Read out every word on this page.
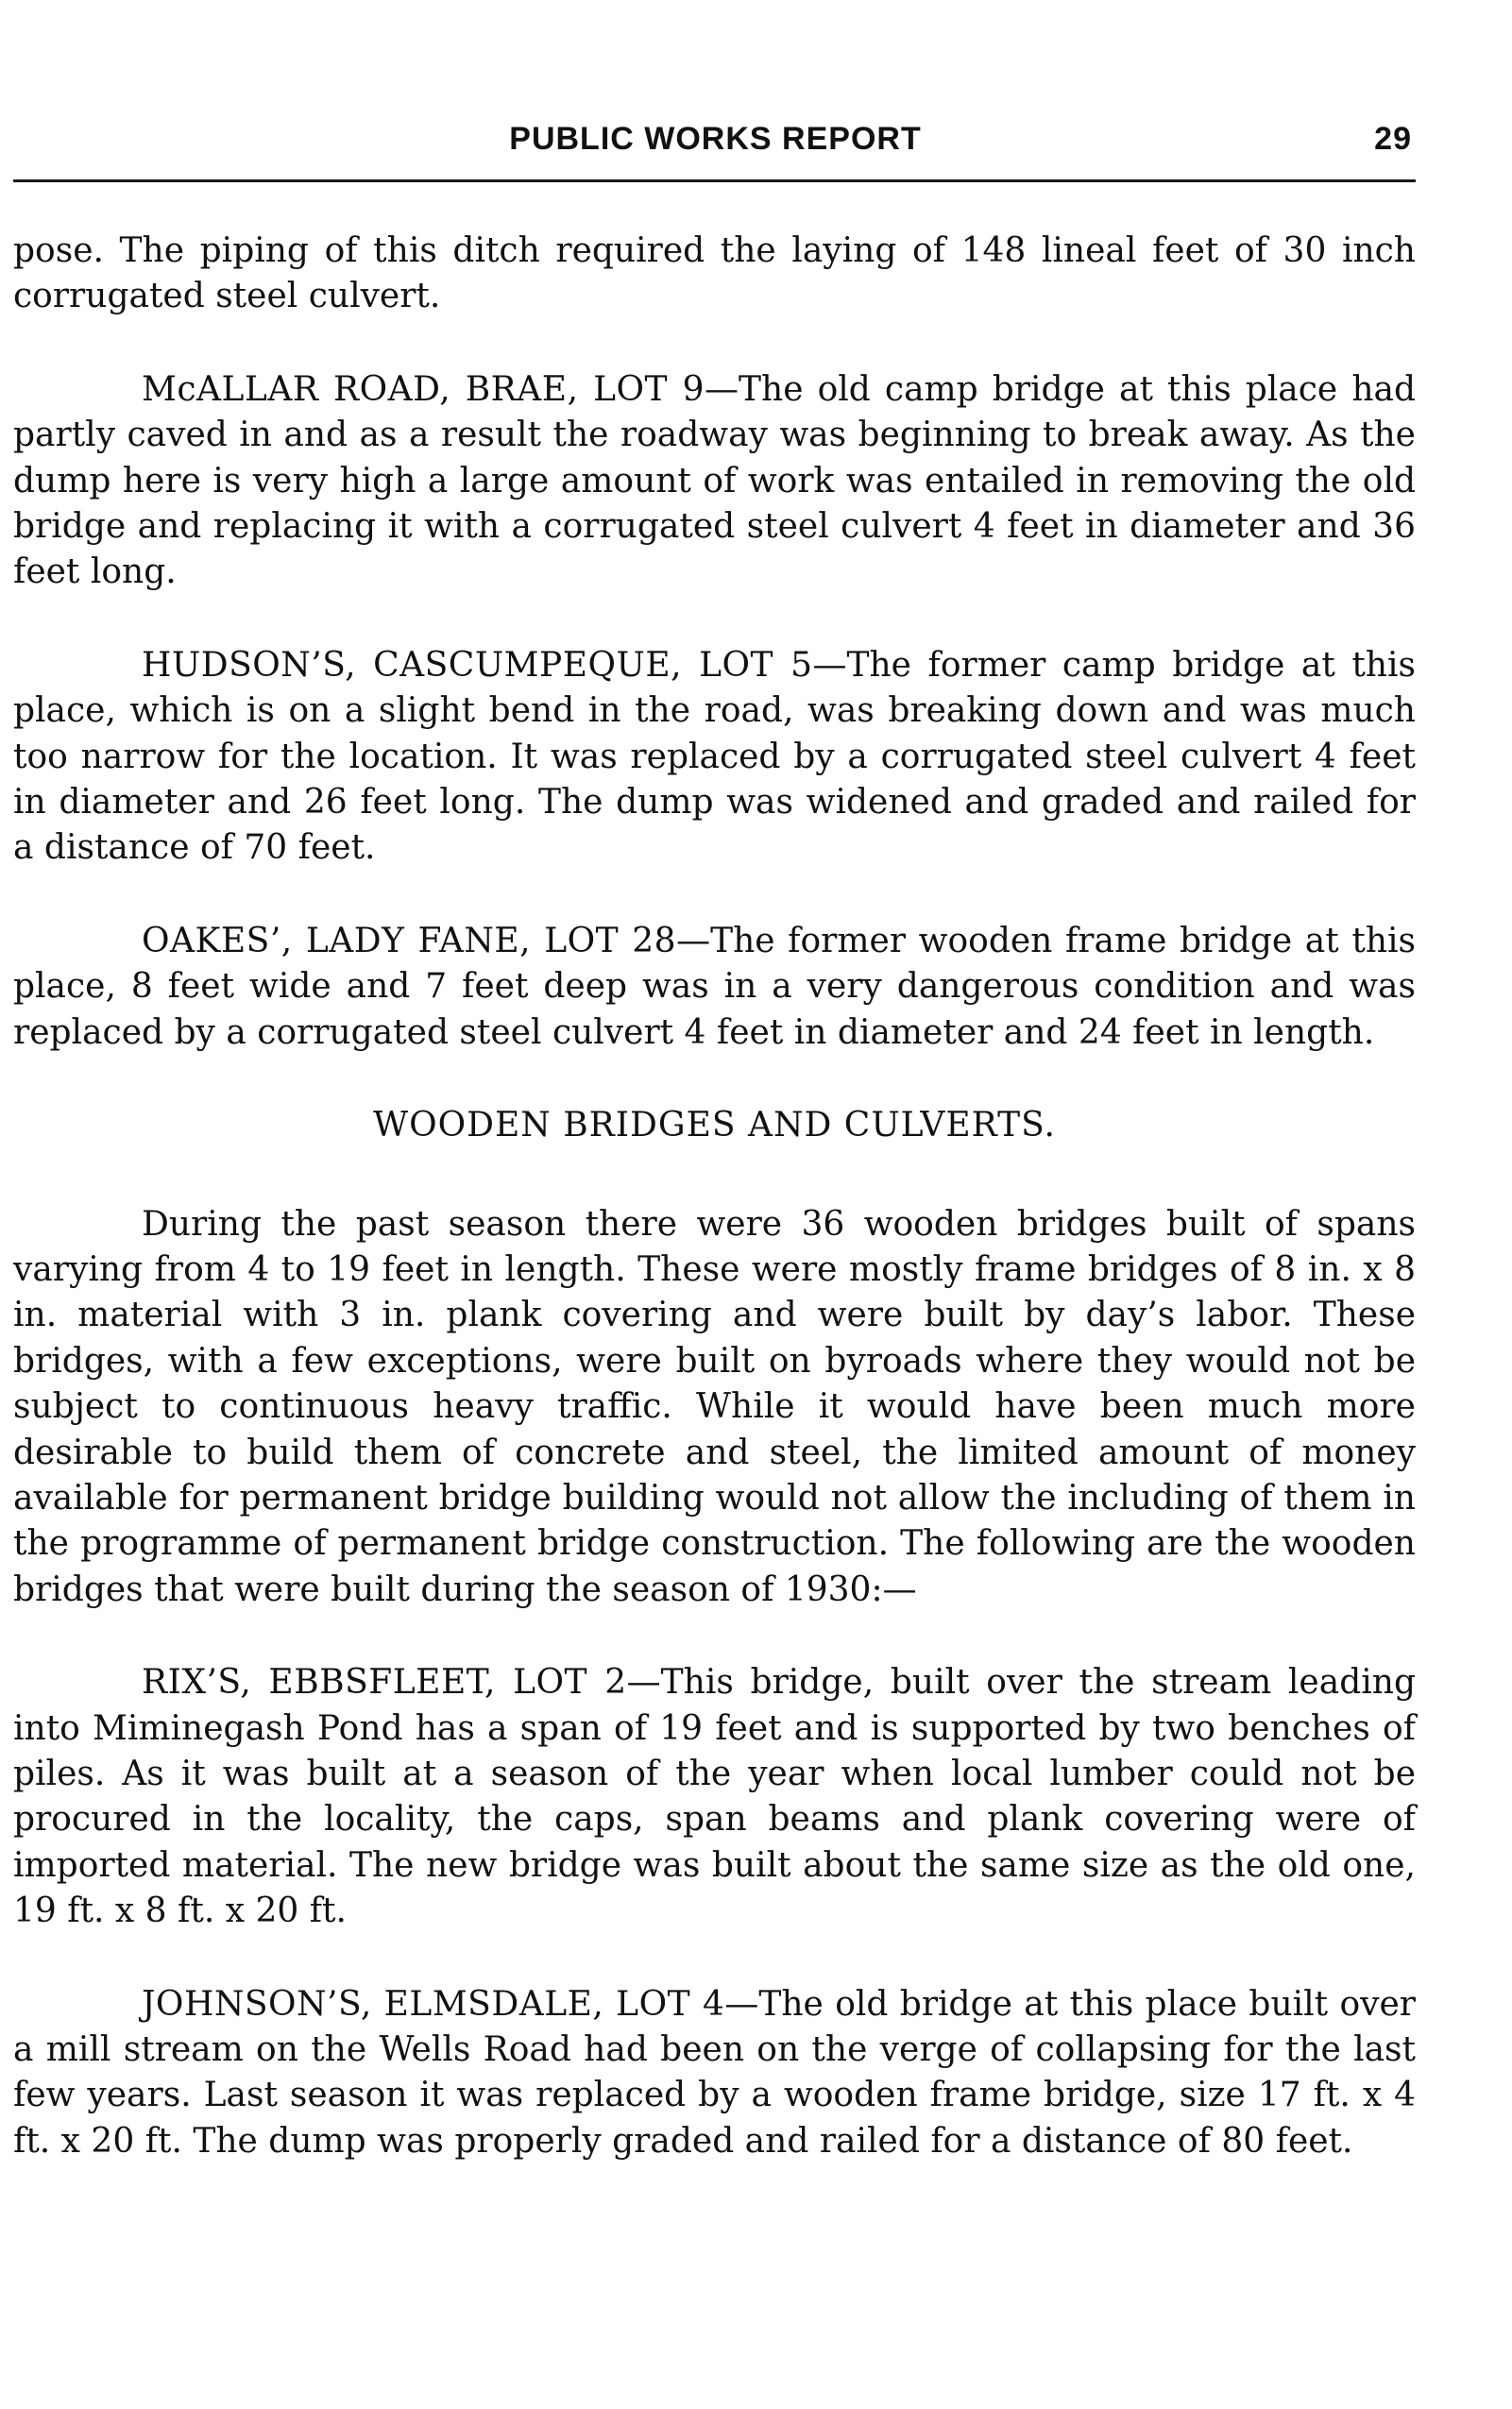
PUBLIC WORKS REPORT	29

pose. The piping of this ditch required the laying of 148 lineal feet of 30 inch corrugated steel culvert.

McALLAR ROAD, BRAE, LOT 9—The old camp bridge at this place had partly caved in and as a result the roadway was beginning to break away. As the dump here is very high a large amount of work was entailed in removing the old bridge and replacing it with a corrugated steel culvert 4 feet in diameter and 36 feet long.

HUDSON’S, CASCUMPEQUE, LOT 5—The former camp bridge at this place, which is on a slight bend in the road, was breaking down and was much too narrow for the location. It was replaced by a corrugated steel culvert 4 feet in diameter and 26 feet long. The dump was widened and graded and railed for a distance of 70 feet.

OAKES’, LADY FANE, LOT 28—The former wooden frame bridge at this place, 8 feet wide and 7 feet deep was in a very dangerous condition and was replaced by a corrugated steel culvert 4 feet in diameter and 24 feet in length.

WOODEN BRIDGES AND CULVERTS.

During the past season there were 36 wooden bridges built of spans varying from 4 to 19 feet in length. These were mostly frame bridges of 8 in. x 8 in. material with 3 in. plank covering and were built by day’s labor. These bridges, with a few exceptions, were built on byroads where they would not be subject to continuous heavy traffic. While it would have been much more desirable to build them of concrete and steel, the limited amount of money available for permanent bridge building would not allow the including of them in the programme of permanent bridge construction. The following are the wooden bridges that were built during the season of 1930:—

RIX’S, EBBSFLEET, LOT 2—This bridge, built over the stream leading into Miminegash Pond has a span of 19 feet and is supported by two benches of piles. As it was built at a season of the year when local lumber could not be procured in the locality, the caps, span beams and plank covering were of imported material. The new bridge was built about the same size as the old one, 19 ft. x 8 ft. x 20 ft.

JOHNSON’S, ELMSDALE, LOT 4—The old bridge at this place built over a mill stream on the Wells Road had been on the verge of collapsing for the last few years. Last season it was replaced by a wooden frame bridge, size 17 ft. x 4 ft. x 20 ft. The dump was properly graded and railed for a distance of 80 feet.
